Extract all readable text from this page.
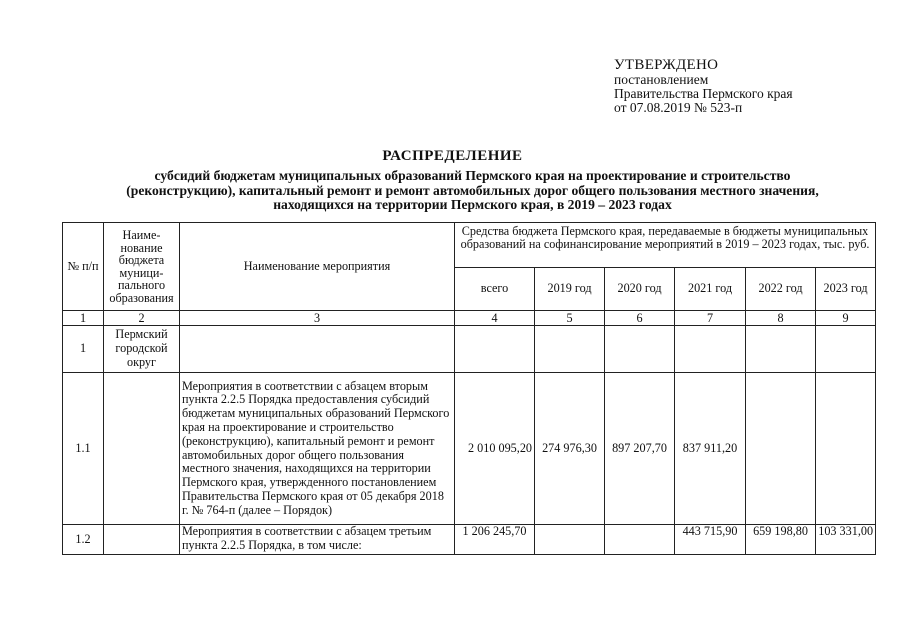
УТВЕРЖДЕНО
постановлением
Правительства Пермского края
от 07.08.2019 № 523-п
РАСПРЕДЕЛЕНИЕ
субсидий бюджетам муниципальных образований Пермского края на проектирование и строительство
(реконструкцию), капитальный ремонт и ремонт автомобильных дорог общего пользования местного значения,
находящихся на территории Пермского края, в 2019 – 2023 годах
№ п/п	Наиме-нование бюджета муници-пального образования	Наименование мероприятия	Средства бюджета Пермского края, передаваемые в бюджеты муниципальных образований на софинансирование мероприятий в 2019 – 2023 годах, тыс. руб.					
			всего	2019 год	2020 год	2021 год	2022 год	2023 год
1	2	3	4	5	6	7	8	9
1	Пермский городской округ							
1.1		Мероприятия в соответствии с абзацем вторым пункта 2.2.5 Порядка предоставления субсидий бюджетам муниципальных образований Пермского края на проектирование и строительство (реконструкцию), капитальный ремонт и ремонт автомобильных дорог общего пользования местного значения, находящихся на территории Пермского края, утвержденного постановлением Правительства Пермского края от 05 декабря 2018 г. № 764-п (далее – Порядок)	2 010 095,20	274 976,30	897 207,70	837 911,20		
1.2		Мероприятия в соответствии с абзацем третьим пункта 2.2.5 Порядка, в том числе:	1 206 245,70			443 715,90	659 198,80	103 331,00
